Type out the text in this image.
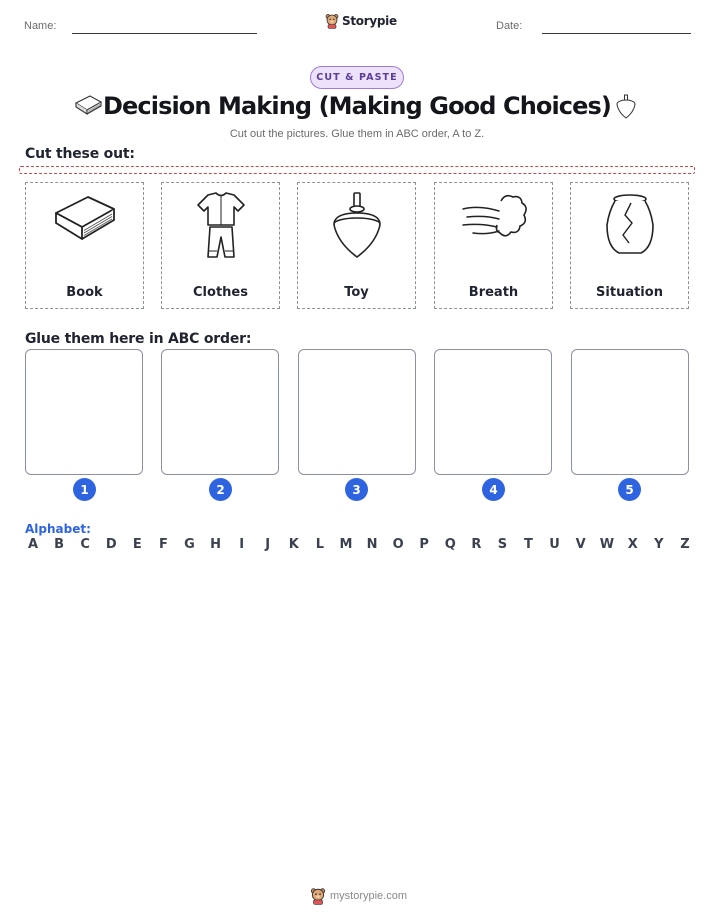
Name:	Storypie	Date:
CUT & PASTE
Decision Making (Making Good Choices)
Cut out the pictures. Glue them in ABC order, A to Z.
Cut these out:
Book	Clothes	Toy	Breath	Situation
Glue them here in ABC order:
1	2	3	4	5
Alphabet:
A B C D E F G H	I	J	K L M N O P Q R S T U V W X Y Z
mystorypie.com
